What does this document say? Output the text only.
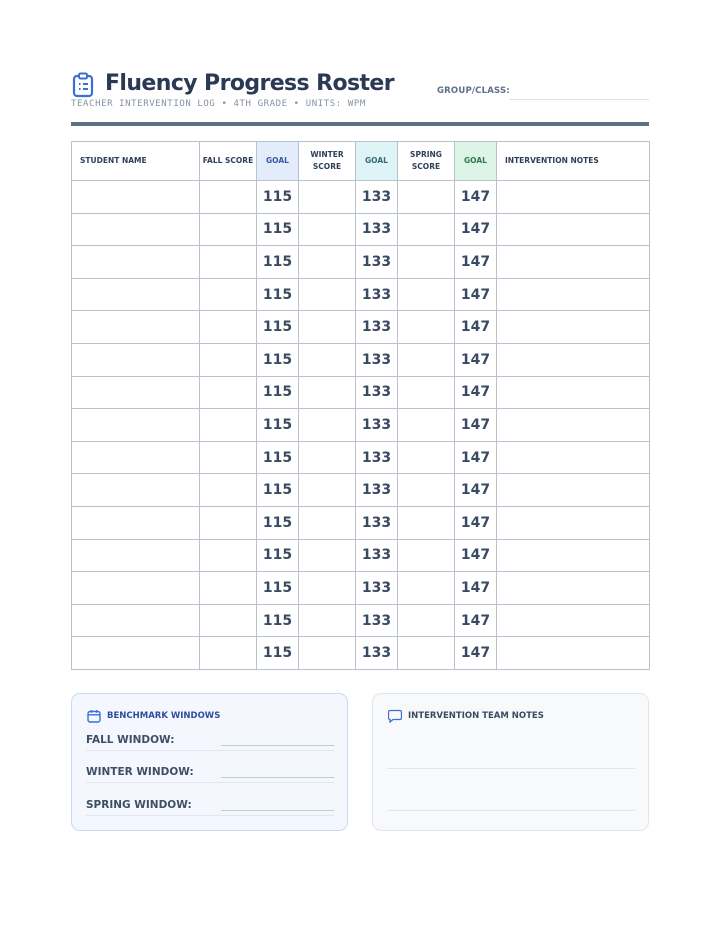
Fluency Progress Roster
TEACHER INTERVENTION LOG • 4TH GRADE • UNITS: WPM
GROUP/CLASS:
STUDENT NAME	FALL SCORE	GOAL	WINTER SCORE	GOAL	SPRING SCORE	GOAL	INTERVENTION NOTES
		115		133		147	
		115		133		147	
		115		133		147	
		115		133		147	
		115		133		147	
		115		133		147	
		115		133		147	
		115		133		147	
		115		133		147	
		115		133		147	
		115		133		147	
		115		133		147	
		115		133		147	
		115		133		147	
		115		133		147	
BENCHMARK WINDOWS
FALL WINDOW:
WINTER WINDOW:
SPRING WINDOW:
INTERVENTION TEAM NOTES
